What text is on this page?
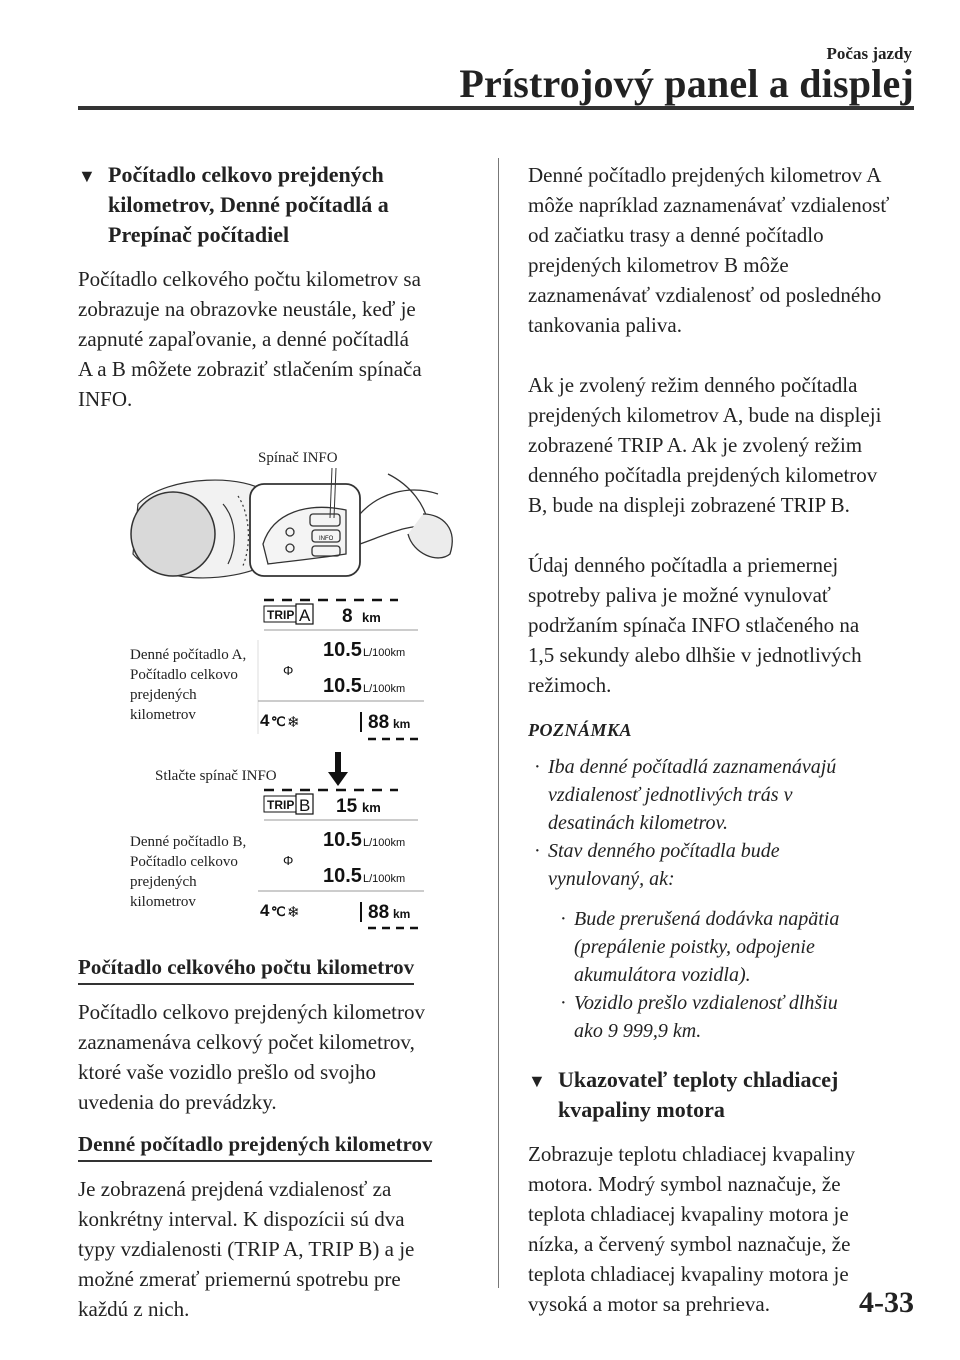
Počas jazdy
Prístrojový panel a displej
▼ Počítadlo celkovo prejdených
kilometrov, Denné počítadlá a
Prepínač počítadiel
Počítadlo celkového počtu kilometrov sa
zobrazuje na obrazovke neustále, keď je
zapnuté zapaľovanie, a denné počítadlá
A a B môžete zobraziť stlačením spínača
INFO.
INFO
Spínač INFO
TRIP A 8 km
10.5 L/100km
Φ
10.5 L/100km
4 ℃ ❄	88 km
Denné počítadlo A,
Počítadlo celkovo
prejdených
kilometrov
Stlačte spínač INFO
TRIP B 15 km
10.5 L/100km
Φ
10.5 L/100km
4 ℃ ❄	88 km
Denné počítadlo B,
Počítadlo celkovo
prejdených
kilometrov
Počítadlo celkového počtu kilometrov
Počítadlo celkovo prejdených kilometrov
zaznamenáva celkový počet kilometrov,
ktoré vaše vozidlo prešlo od svojho
uvedenia do prevádzky.
Denné počítadlo prejdených kilometrov
Je zobrazená prejdená vzdialenosť za
konkrétny interval. K dispozícii sú dva
typy vzdialenosti (TRIP A, TRIP B) a je
možné zmerať priemernú spotrebu pre
každú z nich.
Denné počítadlo prejdených kilometrov A
môže napríklad zaznamenávať vzdialenosť
od začiatku trasy a denné počítadlo
prejdených kilometrov B môže
zaznamenávať vzdialenosť od posledného
tankovania paliva.
Ak je zvolený režim denného počítadla
prejdených kilometrov A, bude na displeji
zobrazené TRIP A. Ak je zvolený režim
denného počítadla prejdených kilometrov
B, bude na displeji zobrazené TRIP B.
Údaj denného počítadla a priemernej
spotreby paliva je možné vynulovať
podržaním spínača INFO stlačeného na
1,5 sekundy alebo dlhšie v jednotlivých
režimoch.
POZNÁMKA
· Iba denné počítadlá zaznamenávajú
vzdialenosť jednotlivých trás v
desatinách kilometrov.
· Stav denného počítadla bude
vynulovaný, ak:
· Bude prerušená dodávka napätia
(prepálenie poistky, odpojenie
akumulátora vozidla).
· Vozidlo prešlo vzdialenosť dlhšiu
ako 9 999,9 km.
▼ Ukazovateľ teploty chladiacej
kvapaliny motora
Zobrazuje teplotu chladiacej kvapaliny
motora. Modrý symbol naznačuje, že
teplota chladiacej kvapaliny motora je
nízka, a červený symbol naznačuje, že
teplota chladiacej kvapaliny motora je
vysoká a motor sa prehrieva.	4-33
